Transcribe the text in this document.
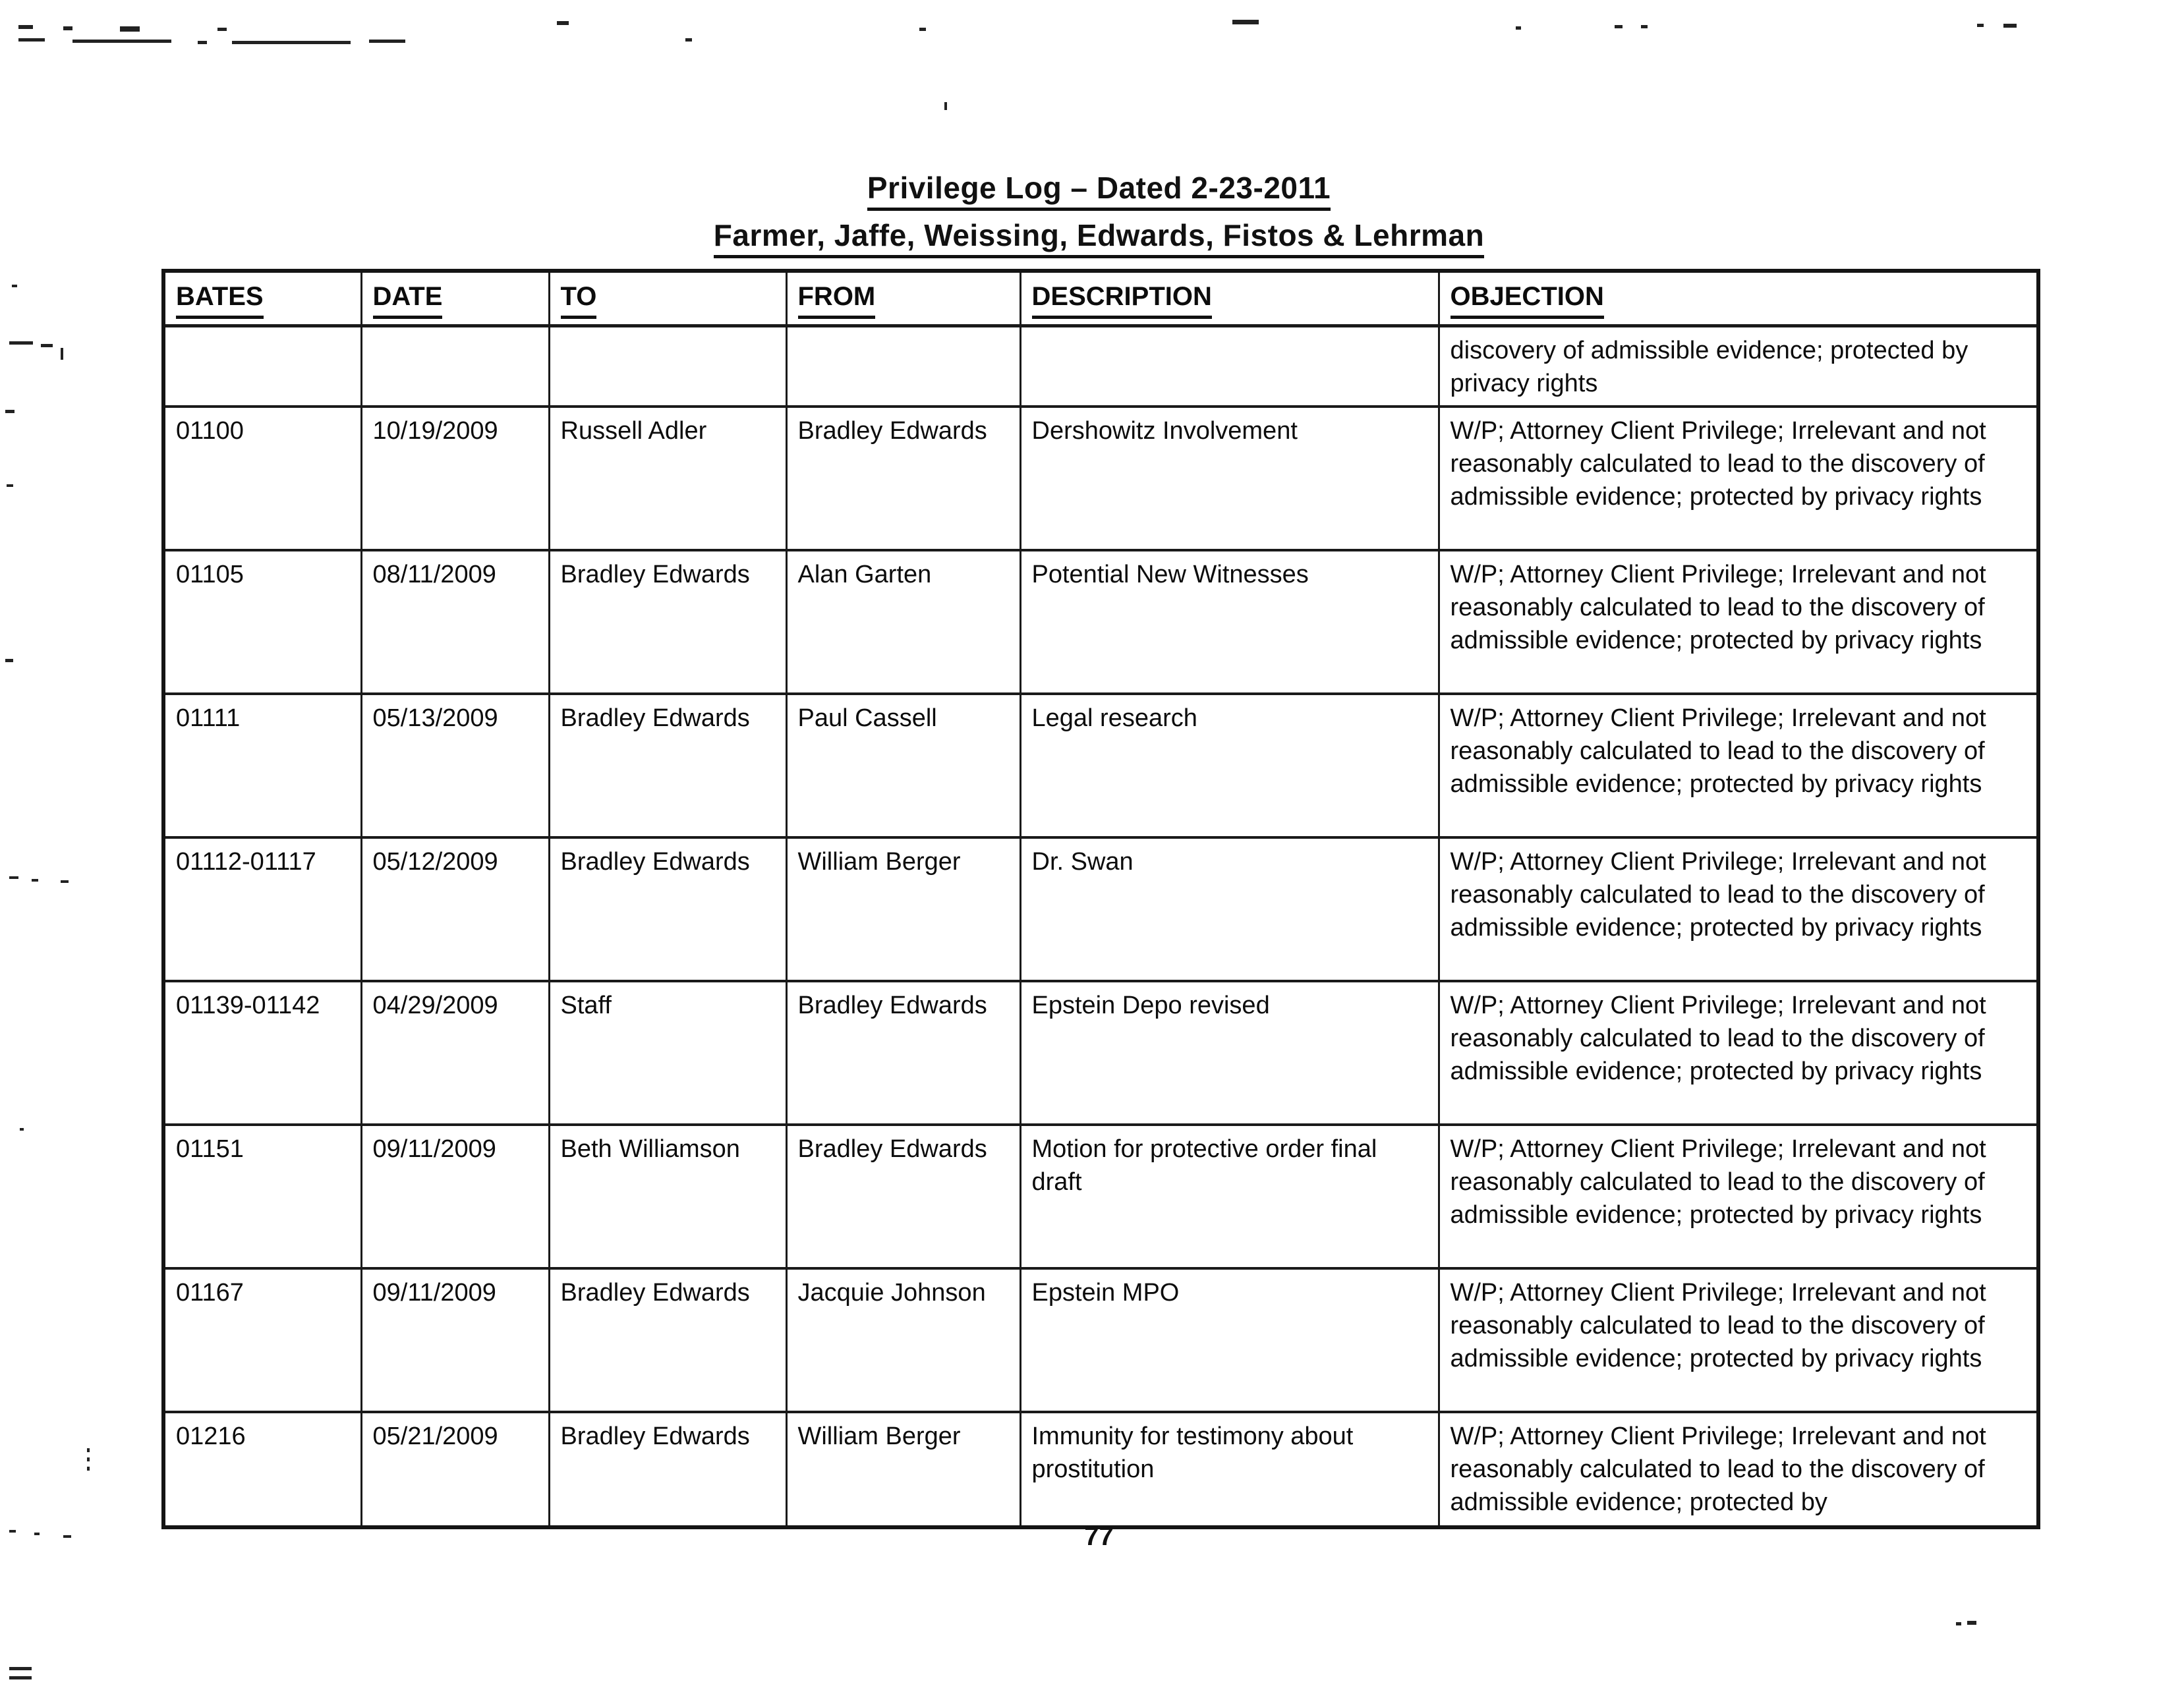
Privilege Log – Dated 2-23-2011
Farmer, Jaffe, Weissing, Edwards, Fistos & Lehrman
BATES	DATE	TO	FROM	DESCRIPTION	OBJECTION
					discovery of admissible evidence; protected by privacy rights
01100	10/19/2009	Russell Adler	Bradley Edwards	Dershowitz Involvement	W/P; Attorney Client Privilege; Irrelevant and not reasonably calculated to lead to the discovery of admissible evidence; protected by privacy rights
01105	08/11/2009	Bradley Edwards	Alan Garten	Potential New Witnesses	W/P; Attorney Client Privilege; Irrelevant and not reasonably calculated to lead to the discovery of admissible evidence; protected by privacy rights
01111	05/13/2009	Bradley Edwards	Paul Cassell	Legal research	W/P; Attorney Client Privilege; Irrelevant and not reasonably calculated to lead to the discovery of admissible evidence; protected by privacy rights
01112-01117	05/12/2009	Bradley Edwards	William Berger	Dr. Swan	W/P; Attorney Client Privilege; Irrelevant and not reasonably calculated to lead to the discovery of admissible evidence; protected by privacy rights
01139-01142	04/29/2009	Staff	Bradley Edwards	Epstein Depo revised	W/P; Attorney Client Privilege; Irrelevant and not reasonably calculated to lead to the discovery of admissible evidence; protected by privacy rights
01151	09/11/2009	Beth Williamson	Bradley Edwards	Motion for protective order final draft	W/P; Attorney Client Privilege; Irrelevant and not reasonably calculated to lead to the discovery of admissible evidence; protected by privacy rights
01167	09/11/2009	Bradley Edwards	Jacquie Johnson	Epstein MPO	W/P; Attorney Client Privilege; Irrelevant and not reasonably calculated to lead to the discovery of admissible evidence; protected by privacy rights
01216	05/21/2009	Bradley Edwards	William Berger	Immunity for testimony about prostitution	W/P; Attorney Client Privilege; Irrelevant and not reasonably calculated to lead to the discovery of admissible evidence; protected by
77
